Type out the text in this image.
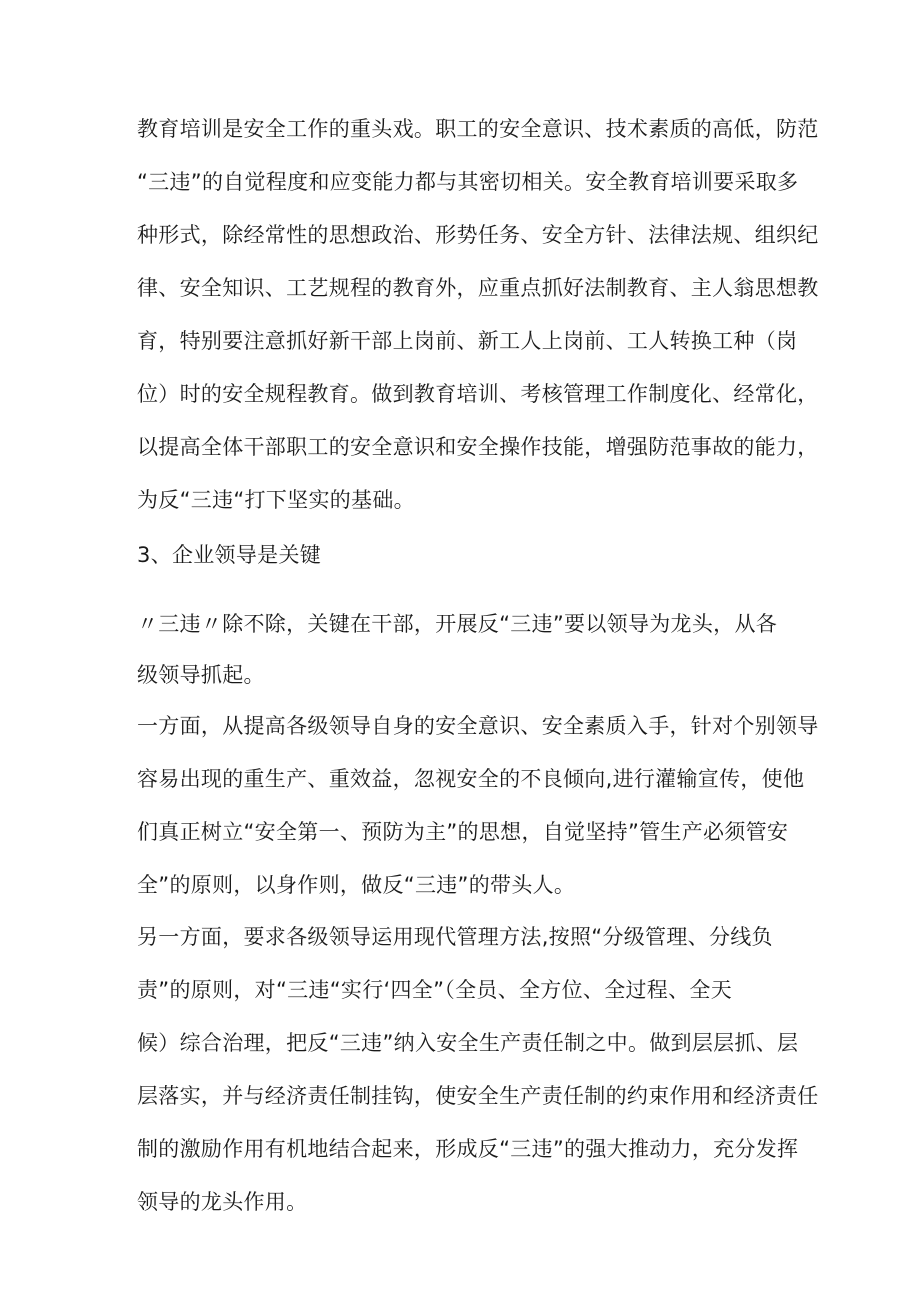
教育培训是安全工作的重头戏。职工的安全意识、技术素质的高低，防范
“三违”的自觉程度和应变能力都与其密切相关。安全教育培训要采取多
种形式，除经常性的思想政治、形势任务、安全方针、法律法规、组织纪
律、安全知识、工艺规程的教育外，应重点抓好法制教育、主人翁思想教
育，特别要注意抓好新干部上岗前、新工人上岗前、工人转换工种（岗
位）时的安全规程教育。做到教育培训、考核管理工作制度化、经常化，
以提高全体干部职工的安全意识和安全操作技能，增强防范事故的能力，
为反“三违“打下坚实的基础。
3、企业领导是关键
〃三违〃除不除，关键在干部，开展反“三违”要以领导为龙头，从各
级领导抓起。
一方面，从提高各级领导自身的安全意识、安全素质入手，针对个别领导
容易出现的重生产、重效益，忽视安全的不良倾向,进行灌输宣传，使他
们真正树立“安全第一、预防为主”的思想，自觉坚持”管生产必须管安
全”的原则，以身作则，做反“三违”的带头人。
另一方面，要求各级领导运用现代管理方法,按照“分级管理、分线负
责”的原则，对“三违“实行‘四全”（全员、全方位、全过程、全天
候）综合治理，把反“三违”纳入安全生产责任制之中。做到层层抓、层
层落实，并与经济责任制挂钩，使安全生产责任制的约束作用和经济责任
制的激励作用有机地结合起来，形成反“三违”的强大推动力，充分发挥
领导的龙头作用。
